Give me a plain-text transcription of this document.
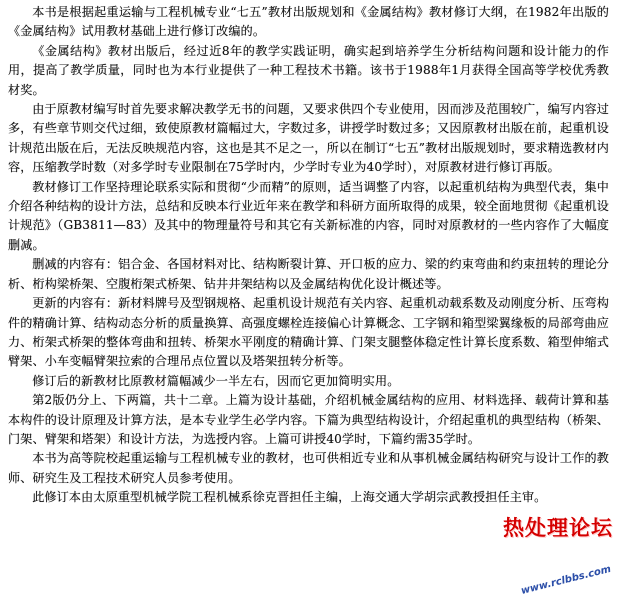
本书是根据起重运输与工程机械专业“七五”教材出版规划和《金属结构》教材修订大纲，在1982年出版的《金属结构》试用教材基础上进行修订改编的。

《金属结构》教材出版后，经过近8年的教学实践证明，确实起到培养学生分析结构问题和设计能力的作用，提高了教学质量，同时也为本行业提供了一种工程技术书籍。该书于1988年1月获得全国高等学校优秀教材奖。

由于原教材编写时首先要求解决教学无书的问题，又要求供四个专业使用，因而涉及范围较广，编写内容过多，有些章节则交代过细，致使原教材篇幅过大，字数过多，讲授学时数过多；又因原教材出版在前，起重机设计规范出版在后，无法反映规范内容，这也是其不足之一，所以在制订“七五”教材出版规划时，要求精选教材内容，压缩教学时数（对多学时专业限制在75学时内，少学时专业为40学时），对原教材进行修订再版。

教材修订工作坚持理论联系实际和贯彻“少而精”的原则，适当调整了内容，以起重机结构为典型代表，集中介绍各种结构的设计方法，总结和反映本行业近年来在教学和科研方面所取得的成果，较全面地贯彻《起重机设计规范》（GB3811—83）及其中的物理量符号和其它有关新标准的内容，同时对原教材的一些内容作了大幅度删减。

删减的内容有：铝合金、各国材料对比、结构断裂计算、开口板的应力、梁的约束弯曲和约束扭转的理论分析、桁构梁桥架、空腹桁架式桥架、钻井井架结构以及金属结构优化设计概述等。

更新的内容有：新材料牌号及型钢规格、起重机设计规范有关内容、起重机动载系数及动刚度分析、压弯构件的精确计算、结构动态分析的质量换算、高强度螺栓连接偏心计算概念、工字钢和箱型梁翼缘板的局部弯曲应力、桁架式桥架的整体弯曲和扭转、桥架水平刚度的精确计算、门架支腿整体稳定性计算长度系数、箱型伸缩式臂架、小车变幅臂架拉索的合理吊点位置以及塔架扭转分析等。

修订后的新教材比原教材篇幅减少一半左右，因而它更加简明实用。

第2版仍分上、下两篇，共十二章。上篇为设计基础，介绍机械金属结构的应用、材料选择、载荷计算和基本构件的设计原理及计算方法，是本专业学生必学内容。下篇为典型结构设计，介绍起重机的典型结构（桥架、门架、臂架和塔架）和设计方法，为选授内容。上篇可讲授40学时，下篇约需35学时。

本书为高等院校起重运输与工程机械专业的教材，也可供相近专业和从事机械金属结构研究与设计工作的教师、研究生及工程技术研究人员参考使用。

此修订本由太原重型机械学院工程机械系徐克晋担任主编，上海交通大学胡宗武教授担任主审。

热处理论坛
www.rclbbs.com
